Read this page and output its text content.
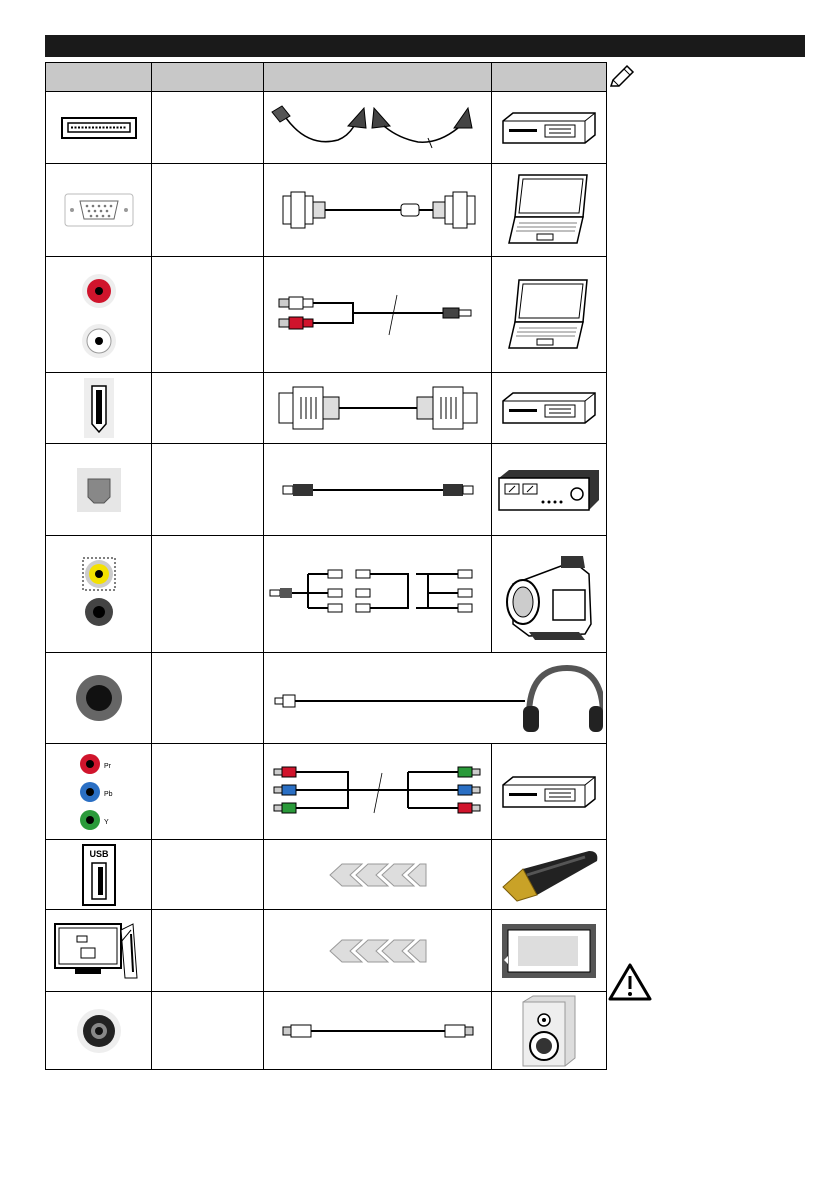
Pr
Pb
Y

USB
